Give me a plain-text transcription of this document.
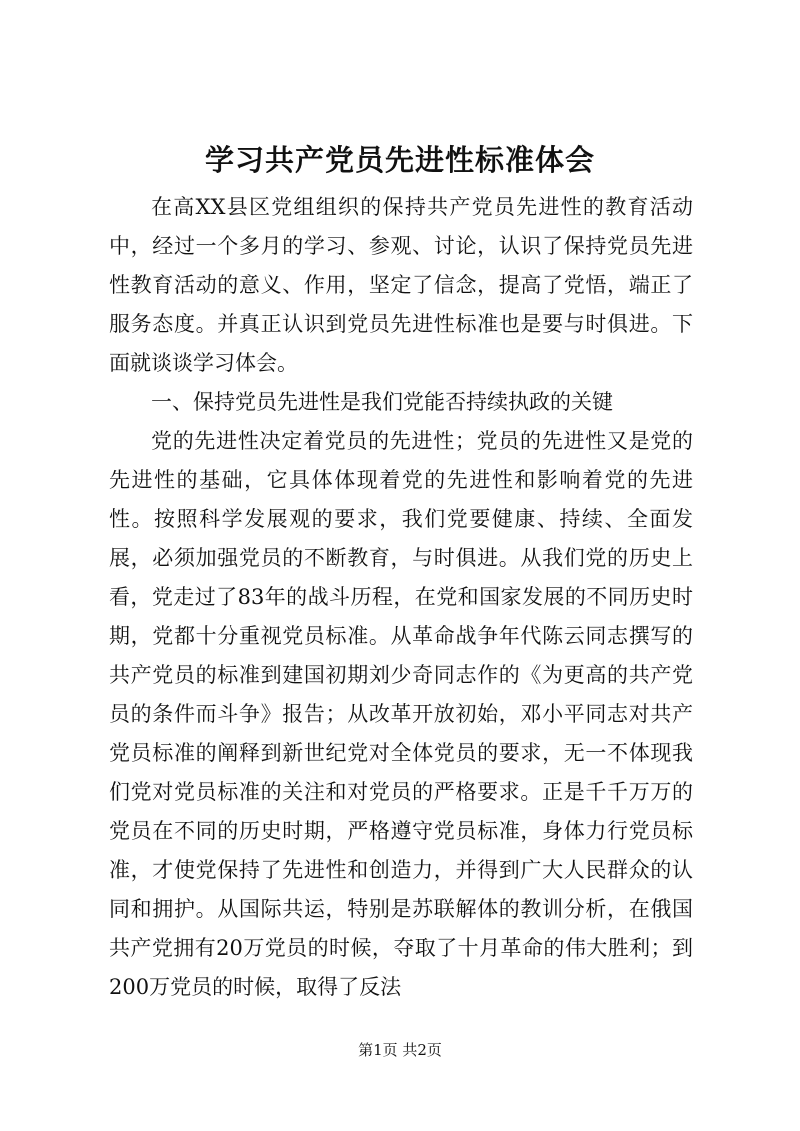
学习共产党员先进性标准体会

在高XX县区党组组织的保持共产党员先进性的教育活动中，经过一个多月的学习、参观、讨论，认识了保持党员先进性教育活动的意义、作用，坚定了信念，提高了党悟，端正了服务态度。并真正认识到党员先进性标准也是要与时俱进。下面就谈谈学习体会。

一、保持党员先进性是我们党能否持续执政的关键

党的先进性决定着党员的先进性；党员的先进性又是党的先进性的基础，它具体体现着党的先进性和影响着党的先进性。按照科学发展观的要求，我们党要健康、持续、全面发展，必须加强党员的不断教育，与时俱进。从我们党的历史上看，党走过了83年的战斗历程，在党和国家发展的不同历史时期，党都十分重视党员标准。从革命战争年代陈云同志撰写的共产党员的标准到建国初期刘少奇同志作的《为更高的共产党员的条件而斗争》报告；从改革开放初始，邓小平同志对共产党员标准的阐释到新世纪党对全体党员的要求，无一不体现我们党对党员标准的关注和对党员的严格要求。正是千千万万的党员在不同的历史时期，严格遵守党员标准，身体力行党员标准，才使党保持了先进性和创造力，并得到广大人民群众的认同和拥护。从国际共运，特别是苏联解体的教训分析，在俄国共产党拥有20万党员的时候，夺取了十月革命的伟大胜利；到200万党员的时候，取得了反法

第1页 共2页
